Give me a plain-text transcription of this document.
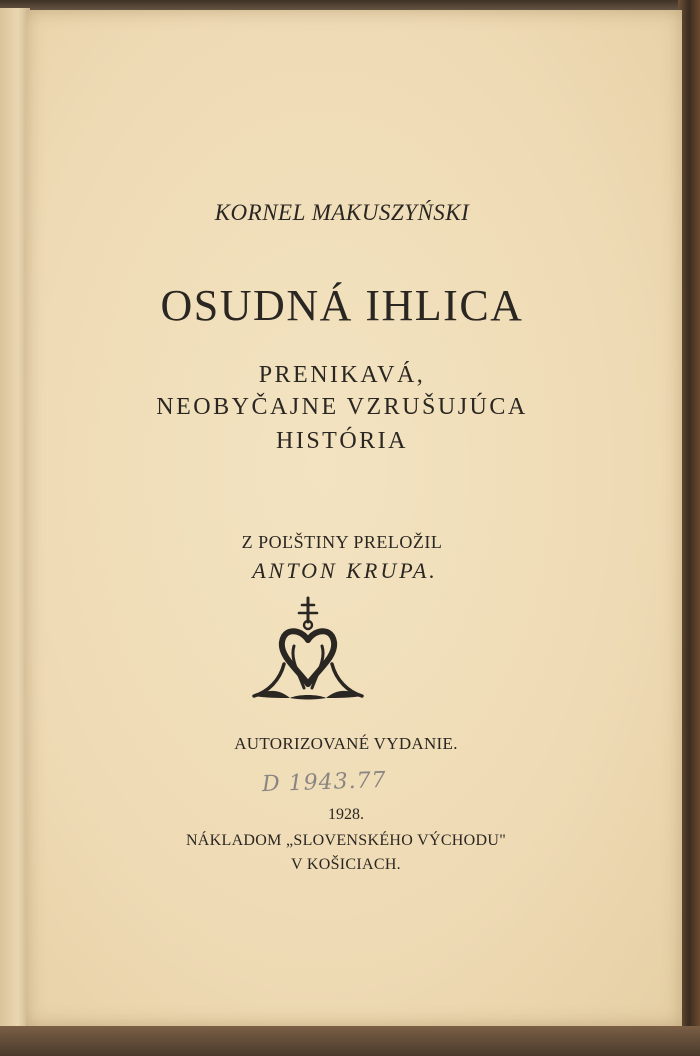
KORNEL MAKUSZYŃSKI
OSUDNÁ IHLICA
PRENIKAVÁ,
NEOBYČAJNE VZRUŠUJÚCA
HISTÓRIA
Z POĽŠTINY PRELOŽIL
ANTON KRUPA.
AUTORIZOVANÉ VYDANIE.
D 1943.77
1928.
NÁKLADOM „SLOVENSKÉHO VÝCHODU"
V KOŠICIACH.
